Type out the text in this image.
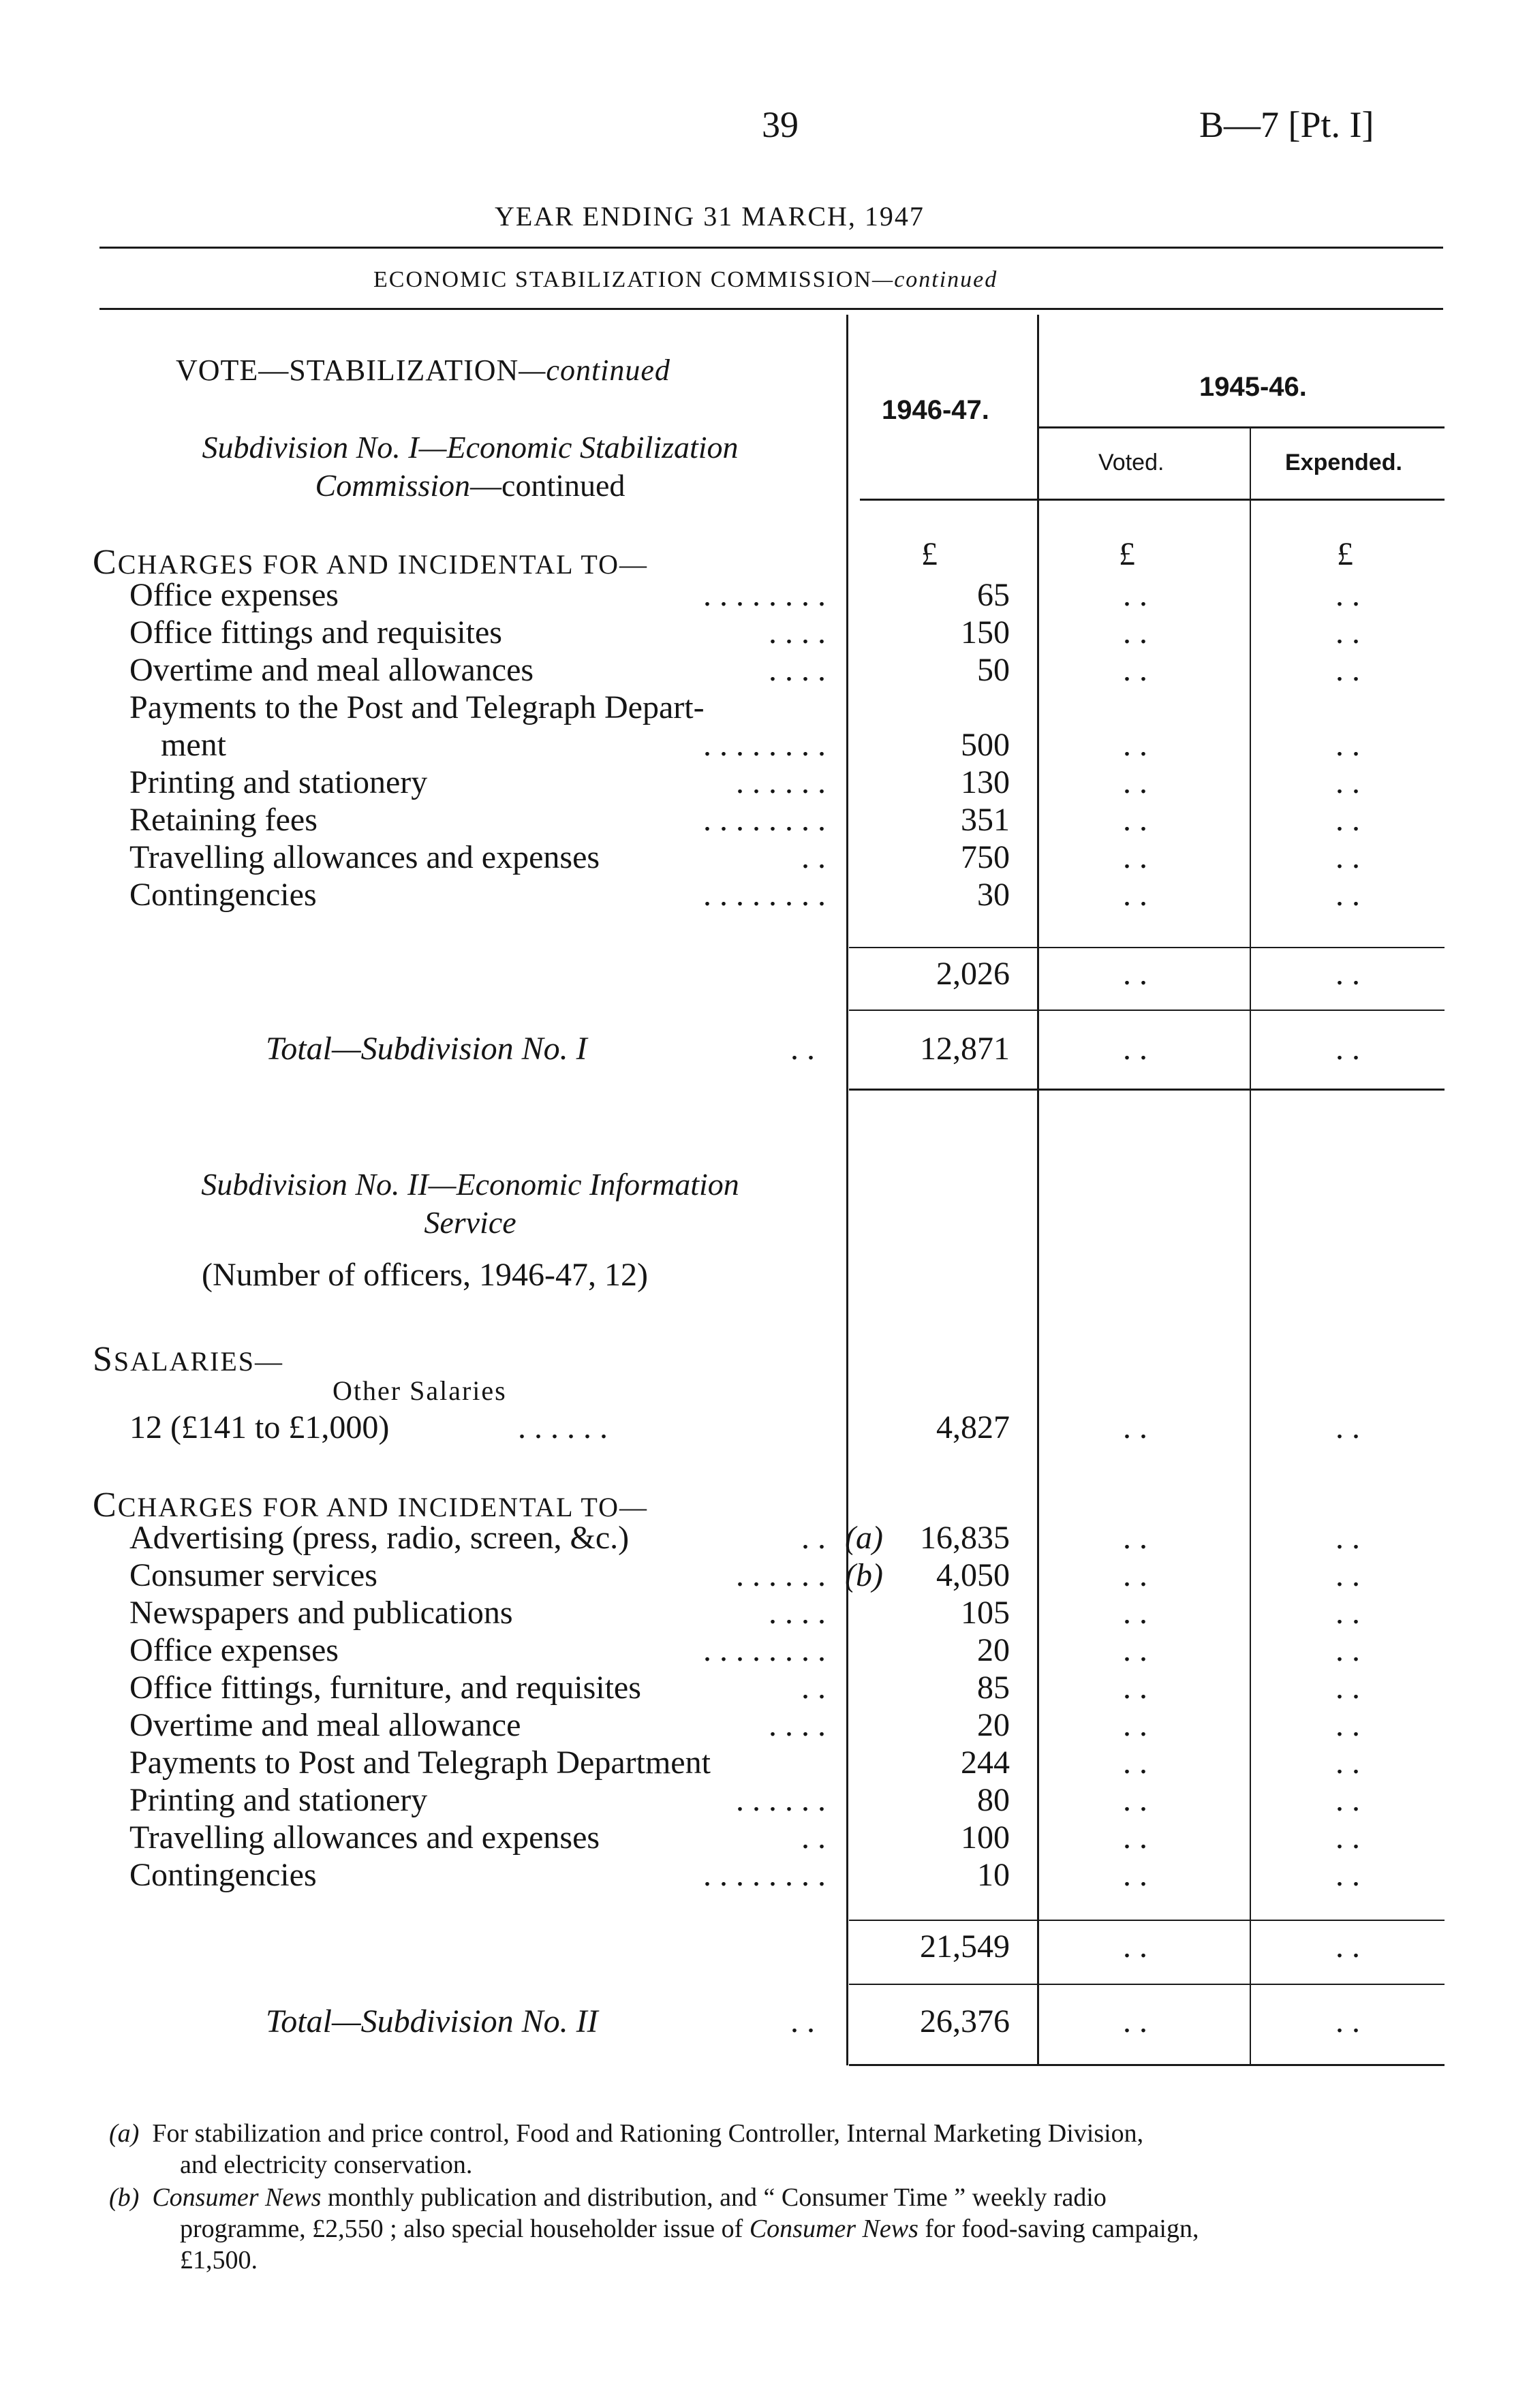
39	B—7 [Pt. I]
YEAR ENDING 31 MARCH, 1947
ECONOMIC STABILIZATION COMMISSION—continued
VOTE—STABILIZATION—continued
Subdivision No. I—Economic Stabilization
Commission—continued
1946-47.
1945-46.
Voted.	Expended.
£	£	£
CCHARGES FOR AND INCIDENTAL TO—
Office expenses	. . . . . . . .	65	. .	. .
Office fittings and requisites	. . . .	150	. .	. .
Overtime and meal allowances	. . . .	50	. .	. .
Payments to the Post and Telegraph Depart-
ment	. . . . . . . .	500	. .	. .
Printing and stationery	. . . . . .	130	. .	. .
Retaining fees	. . . . . . . .	351	. .	. .
Travelling allowances and expenses	. .	750	. .	. .
Contingencies	. . . . . . . .	30	. .	. .
2,026	. .	. .
Total—Subdivision No. I	. .	12,871	. .	. .
Subdivision No. II—Economic Information
Service
(Number of officers, 1946-47, 12)
SSALARIES—
Other Salaries
12 (£141 to £1,000)	. . . . . .	4,827	. .	. .
CCHARGES FOR AND INCIDENTAL TO—
Advertising (press, radio, screen, &c.)	. . (a)	16,835	. .	. .
Consumer services	. . . . . . (b)	4,050	. .	. .
Newspapers and publications	. . . .	105	. .	. .
Office expenses	. . . . . . . .	20	. .	. .
Office fittings, furniture, and requisites	. .	85	. .	. .
Overtime and meal allowance	. . . .	20	. .	. .
Payments to Post and Telegraph Department	244	. .	. .
Printing and stationery	. . . . . .	80	. .	. .
Travelling allowances and expenses	. .	100	. .	. .
Contingencies	. . . . . . . .	10	. .	. .
21,549	. .	. .
Total—Subdivision No. II	. .	26,376	. .	. .
(a) For stabilization and price control, Food and Rationing Controller, Internal Marketing Division,
and electricity conservation.
(b) Consumer News monthly publication and distribution, and “ Consumer Time ” weekly radio
programme, £2,550 ; also special householder issue of Consumer News for food-saving campaign,
£1,500.
